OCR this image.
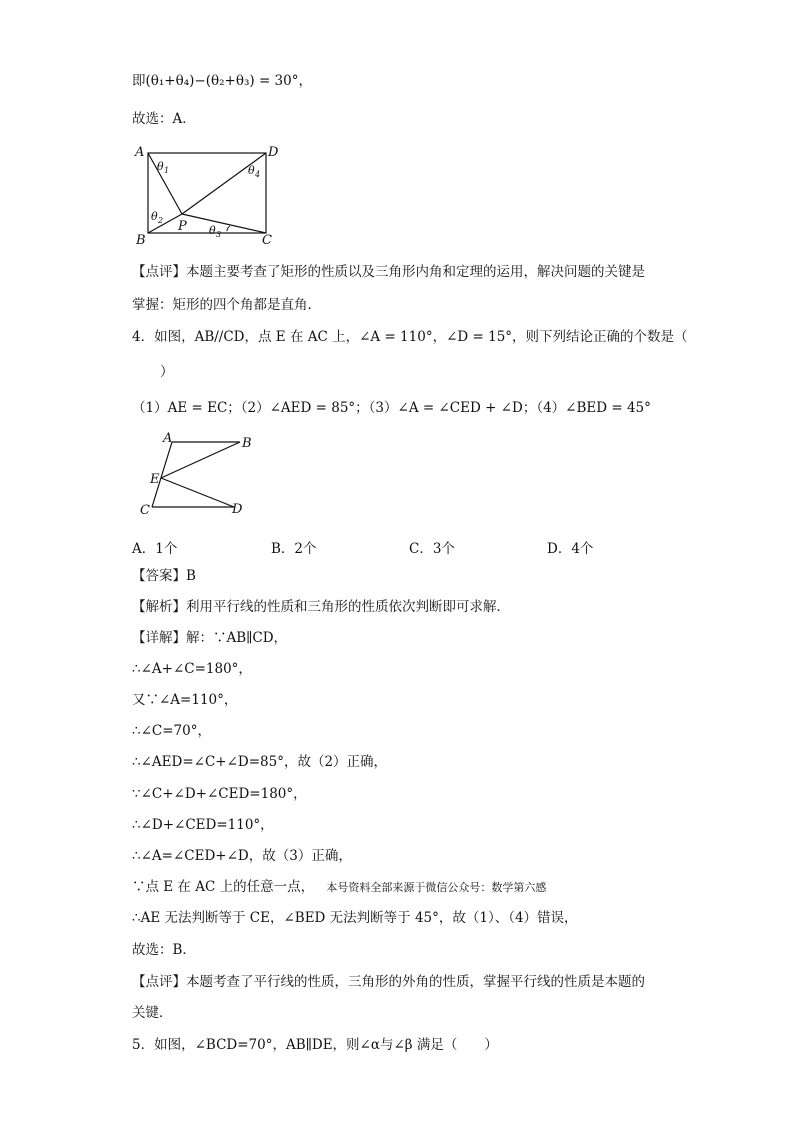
即(θ₁+θ₄)−(θ₂+θ₃) = 30°，
故选：A．
A	D
B	C
P
θ 1
θ 2
θ 3
θ 4
【点评】本题主要考查了矩形的性质以及三角形内角和定理的运用，解决问题的关键是
掌握：矩形的四个角都是直角．
4．如图，AB//CD，点 E 在 AC 上，∠A = 110°，∠D = 15°，则下列结论正确的个数是（
）
（1）AE = EC；（2）∠AED = 85°；（3）∠A = ∠CED + ∠D；（4）∠BED = 45°
A	B
E
C	D
A．1个	B．2个	C．3个	D．4个
【答案】B
【解析】利用平行线的性质和三角形的性质依次判断即可求解．
【详解】解：∵AB∥CD，
∴∠A+∠C=180°，
又∵∠A=110°，
∴∠C=70°，
∴∠AED=∠C+∠D=85°，故（2）正确，
∵∠C+∠D+∠CED=180°，
∴∠D+∠CED=110°，
∴∠A=∠CED+∠D，故（3）正确，
∵点 E 在 AC 上的任意一点， 本号资料全部来源于微信公众号：数学第六感
∴AE 无法判断等于 CE，∠BED 无法判断等于 45°，故（1）、（4）错误，
故选：B．
【点评】本题考查了平行线的性质，三角形的外角的性质，掌握平行线的性质是本题的
关键．
5．如图，∠BCD=70°，AB∥DE，则∠α与∠β 满足（　　）
